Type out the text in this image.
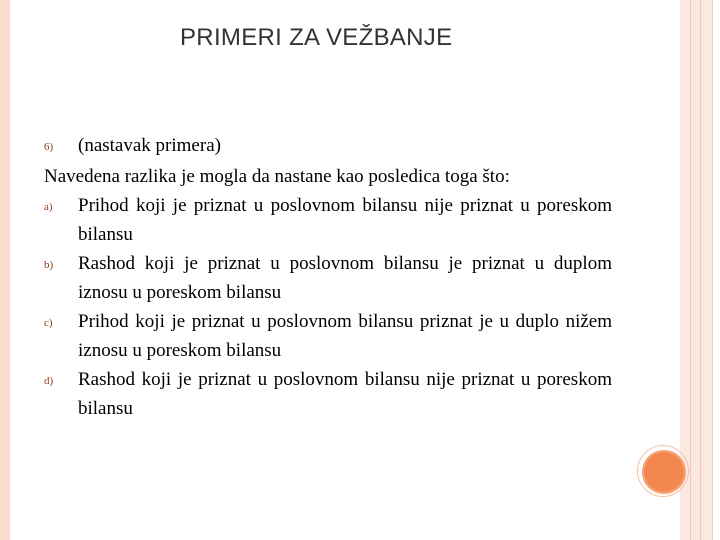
PRIMERI ZA VEŽBANJE
6)	(nastavak primera)
Navedena razlika je mogla da nastane kao posledica toga što:
a)	Prihod koji je priznat u poslovnom bilansu nije priznat u poreskom bilansu
b)	Rashod koji je priznat u poslovnom bilansu je priznat u duplom iznosu u poreskom bilansu
c)	Prihod koji je priznat u poslovnom bilansu priznat je u duplo nižem iznosu u poreskom bilansu
d)	Rashod koji je priznat u poslovnom bilansu nije priznat u poreskom bilansu
